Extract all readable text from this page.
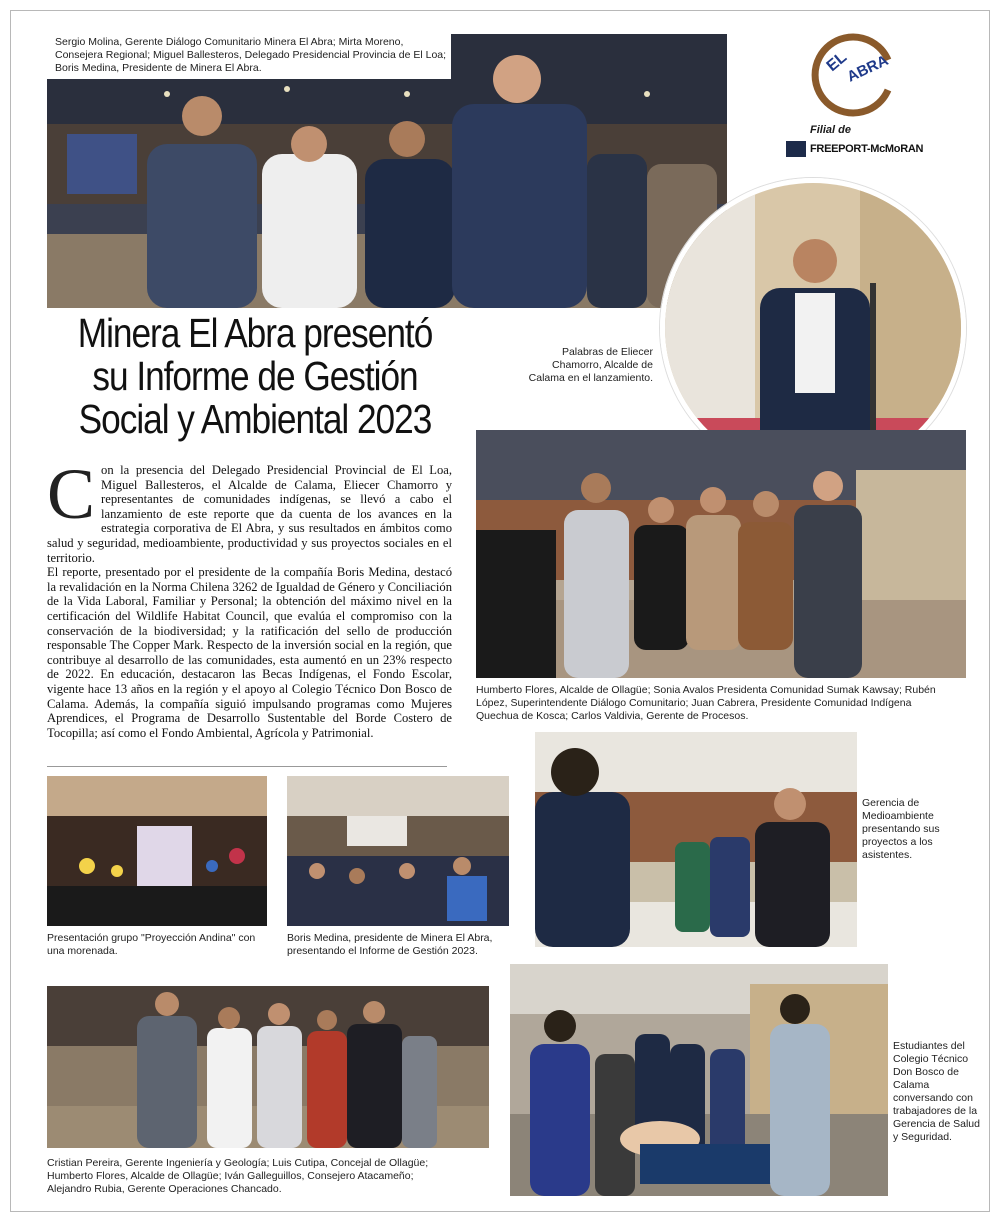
Sergio Molina, Gerente Diálogo Comunitario Minera El Abra; Mirta Moreno, Consejera Regional; Miguel Ballesteros, Delegado Presidencial Provincia de El Loa; Boris Medina, Presidente de Minera El Abra.	EL
ABRA
Filial de
FREEPORT-McMoRAN
Minera El Abra presentó
su Informe de Gestión
Social y Ambiental 2023
Palabras de Eliecer Chamorro, Alcalde de Calama en el lanzamiento.
C on la presencia del Delegado Presidencial Provincial de El Loa, Miguel Ballesteros, el Alcalde de Calama, Eliecer Chamorro y representantes de comunidades indígenas, se llevó a cabo el lanzamiento de este reporte que da cuenta de los avances en la estrategia corporativa de El Abra, y sus resultados en ámbitos como salud y seguridad, medioambiente, productividad y sus proyectos sociales en el territorio.

El reporte, presentado por el presidente de la compañía Boris Medina, destacó la revalidación en la Norma Chilena 3262 de Igualdad de Género y Conciliación de la Vida Laboral, Familiar y Personal; la obtención del máximo nivel en la certificación del Wildlife Habitat Council, que evalúa el compromiso con la conservación de la biodiversidad; y la ratificación del sello de producción responsable The Copper Mark. Respecto de la inversión social en la región, que contribuye al desarrollo de las comunidades, esta aumentó en un 23% respecto de 2022. En educación, destacaron las Becas Indígenas, el Fondo Escolar, vigente hace 13 años en la región y el apoyo al Colegio Técnico Don Bosco de Calama. Además, la compañía siguió impulsando programas como Mujeres Aprendices, el Programa de Desarrollo Sustentable del Borde Costero de Tocopilla; así como el Fondo Ambiental, Agrícola y Patrimonial.

Humberto Flores, Alcalde de Ollagüe; Sonia Avalos Presidenta Comunidad Sumak Kawsay; Rubén López, Superintendente Diálogo Comunitario; Juan Cabrera, Presidente Comunidad Indígena Quechua de Kosca; Carlos Valdivia, Gerente de Procesos.
Gerencia de Medioambiente presentando sus proyectos a los asistentes.
Presentación grupo "Proyección Andina" con una morenada.
Boris Medina, presidente de Minera El Abra, presentando el Informe de Gestión 2023.
Cristian Pereira, Gerente Ingeniería y Geología; Luis Cutipa, Concejal de Ollagüe; Humberto Flores, Alcalde de Ollagüe; Iván Galleguillos, Consejero Atacameño; Alejandro Rubia, Gerente Operaciones Chancado.
Estudiantes del Colegio Técnico Don Bosco de Calama conversando con trabajadores de la Gerencia de Salud y Seguridad.
